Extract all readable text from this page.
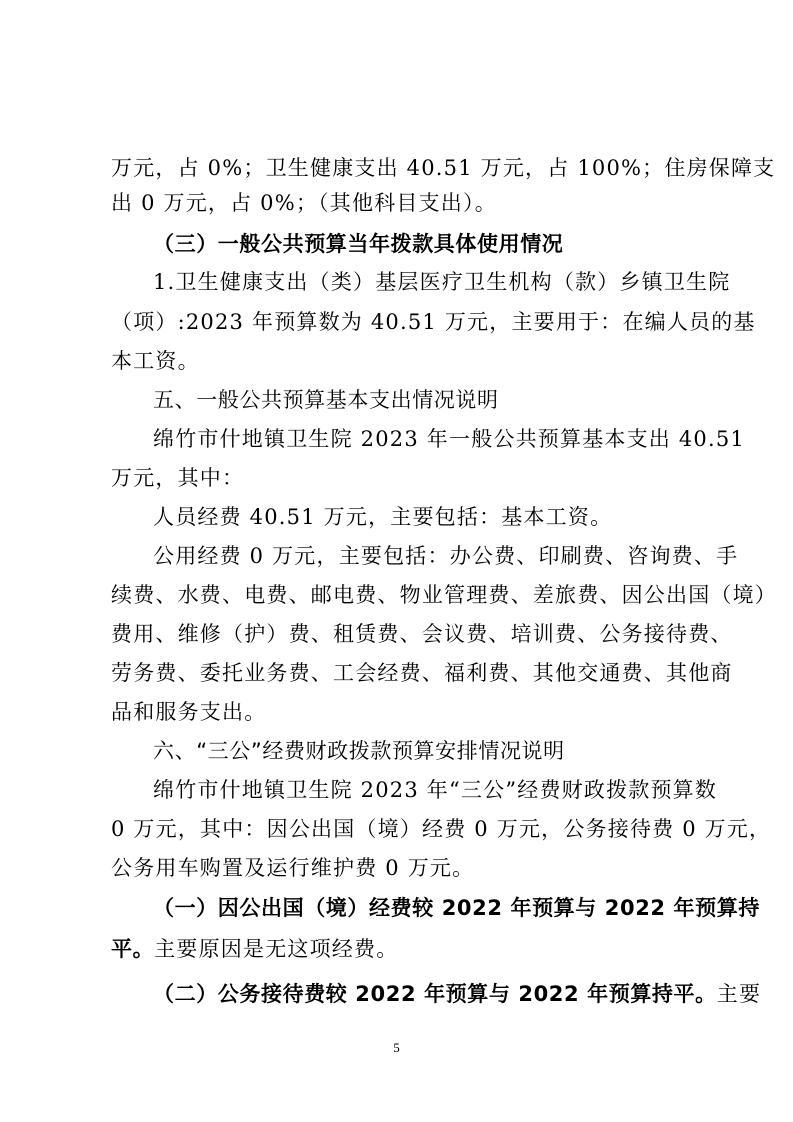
万元，占 0%；卫生健康支出 40.51 万元，占 100%；住房保障支
出 0 万元，占 0%；（其他科目支出）。
（三）一般公共预算当年拨款具体使用情况
1.卫生健康支出（类）基层医疗卫生机构（款）乡镇卫生院
（项）:2023 年预算数为 40.51 万元，主要用于：在编人员的基
本工资。
五、一般公共预算基本支出情况说明
绵竹市什地镇卫生院 2023 年一般公共预算基本支出 40.51
万元，其中：
人员经费 40.51 万元，主要包括：基本工资。
公用经费 0 万元，主要包括：办公费、印刷费、咨询费、手
续费、水费、电费、邮电费、物业管理费、差旅费、因公出国（境）
费用、维修（护）费、租赁费、会议费、培训费、公务接待费、
劳务费、委托业务费、工会经费、福利费、其他交通费、其他商
品和服务支出。
六、“三公”经费财政拨款预算安排情况说明
绵竹市什地镇卫生院 2023 年“三公”经费财政拨款预算数
0 万元，其中：因公出国（境）经费 0 万元，公务接待费 0 万元，
公务用车购置及运行维护费 0 万元。
（一）因公出国（境）经费较 2022 年预算与 2022 年预算持
平。主要原因是无这项经费。
（二）公务接待费较 2022 年预算与 2022 年预算持平。主要
5
